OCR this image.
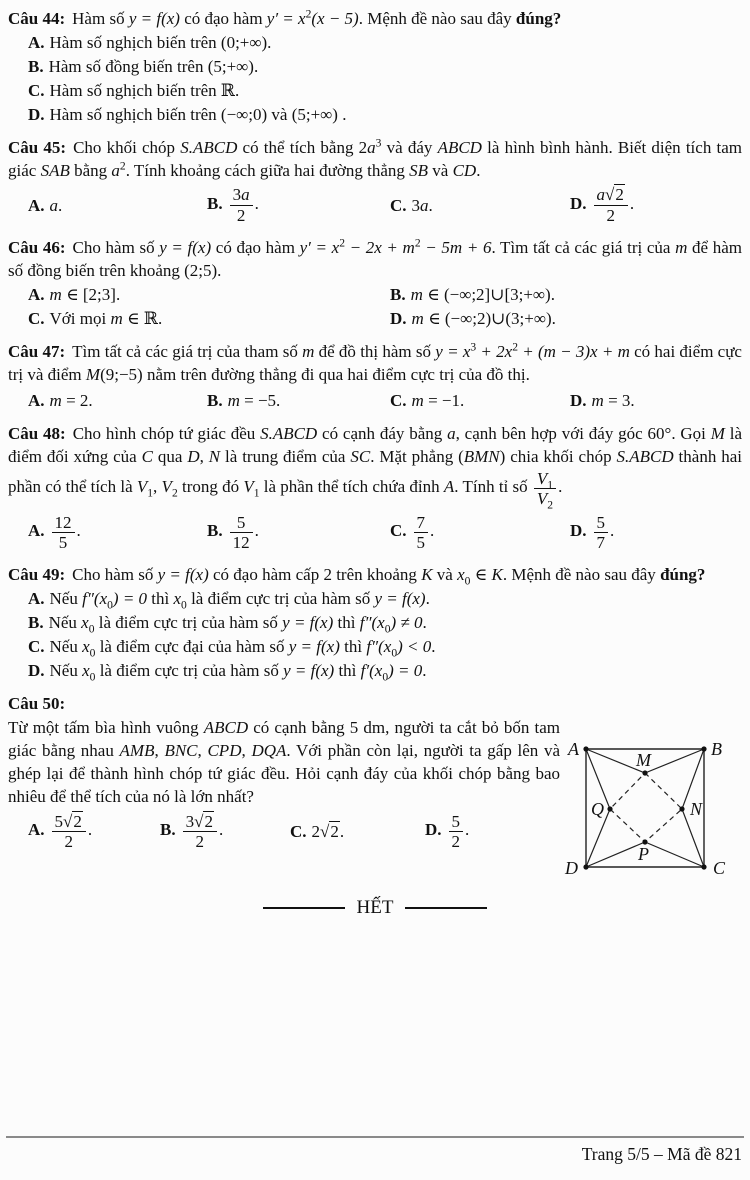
Câu 44: Hàm số y = f(x) có đạo hàm $y' = x^2(x - 5)$. Mệnh đề nào sau đây đúng?
A. Hàm số nghịch biến trên (0;+∞).
B. Hàm số đồng biến trên (5;+∞).
C. Hàm số nghịch biến trên ℝ.
D. Hàm số nghịch biến trên (−∞;0) và (5;+∞) .
Câu 45: Cho khối chóp S.ABCD có thể tích bằng $2a^3$ và đáy ABCD là hình bình hành. Biết diện tích tam giác SAB bằng $a^2$. Tính khoảng cách giữa hai đường thẳng SB và CD.
A. a.	B. $\frac{3a}{2}$ .	C. 3a.	D. $\frac{a√2}{2}$ .
Câu 46: Cho hàm số y = f(x) có đạo hàm $y' = x^2 - 2x + m^2 - 5m + 6$. Tìm tất cả các giá trị của m để hàm số đồng biến trên khoảng (2;5).
A. m ∈ [2;3].	B. m ∈ (−∞;2]∪[3;+∞).
C. Với mọi m ∈ ℝ.	D. m ∈ (−∞;2)∪(3;+∞).
Câu 47: Tìm tất cả các giá trị của tham số m để đồ thị hàm số $y = x^3 + 2x^2 + (m - 3)x + m$ có hai điểm cực trị và điểm M(9;−5) nằm trên đường thẳng đi qua hai điểm cực trị của đồ thị.
A. m = 2.	B. m = −5.	C. m = −1.	D. m = 3.
Câu 48: Cho hình chóp tứ giác đều S.ABCD có cạnh đáy bằng a, cạnh bên hợp với đáy góc 60°. Gọi M là điểm đối xứng của C qua D, N là trung điểm của SC. Mặt phẳng (BMN) chia khối chóp S.ABCD thành hai phần có thể tích là $V_1$, $V_2$ trong đó $V_1$ là phần thể tích chứa đỉnh A. Tính tỉ số $\frac{V_1}{V_2}$ .
A. $\frac{12}{5}$ .	B. $\frac{5}{12}$ .	C. $\frac{7}{5}$ .	D. $\frac{5}{7}$ .
Câu 49: Cho hàm số y = f(x) có đạo hàm cấp 2 trên khoảng K và $x_0$ ∈ K. Mệnh đề nào sau đây đúng?
A. Nếu $f''(x_0) = 0$ thì $x_0$ là điểm cực trị của hàm số y = f(x).
B. Nếu $x_0$ là điểm cực trị của hàm số y = f(x) thì $f''(x_0) \ne 0$.
C. Nếu $x_0$ là điểm cực đại của hàm số y = f(x) thì $f''(x_0) < 0$.
D. Nếu $x_0$ là điểm cực trị của hàm số y = f(x) thì $f'(x_0) = 0$.
Câu 50:
Từ một tấm bìa hình vuông ABCD có cạnh bằng 5 dm, người ta cắt bỏ bốn tam giác bằng nhau AMB, BNC, CPD, DQA. Với phần còn lại, người ta gấp lên và ghép lại để thành hình chóp tứ giác đều. Hỏi cạnh đáy của khối chóp bằng bao nhiêu để thể tích của nó là lớn nhất?
A. $\frac{5√2}{2}$ .	B. $\frac{3√2}{2}$ .	C. 2√2.	D. $\frac{5}{2}$ .
A	B
C
D
M
N
P
Q
HẾT
Trang 5/5 – Mã đề 821
